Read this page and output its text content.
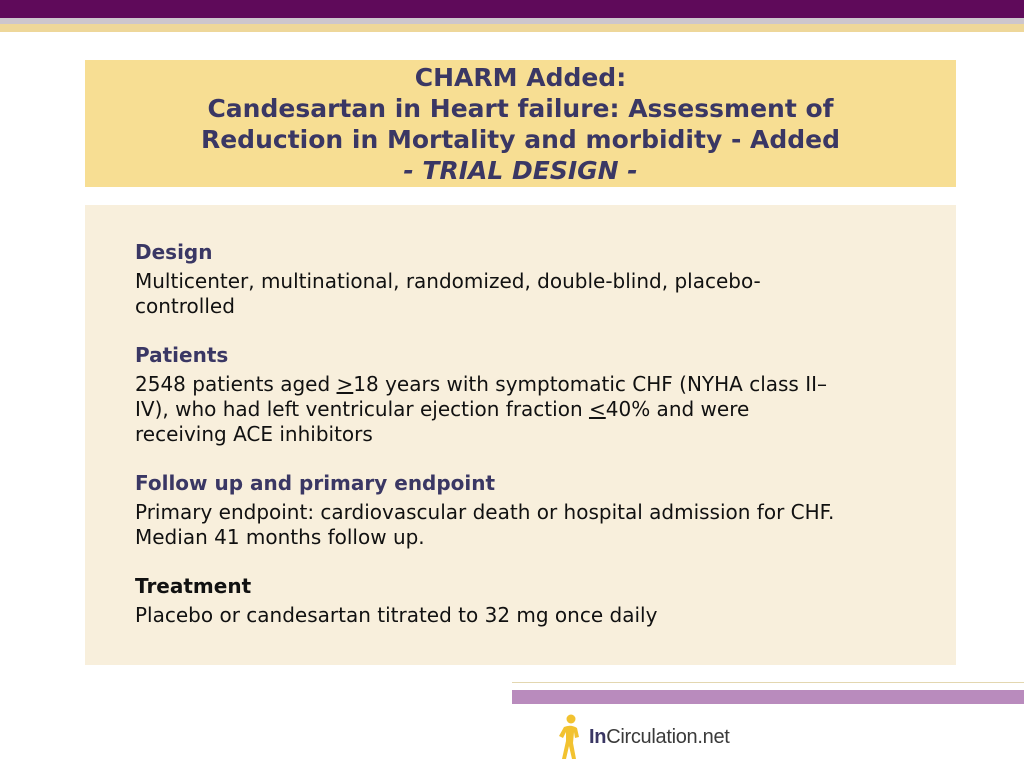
CHARM Added:
Candesartan in Heart failure: Assessment of
Reduction in Mortality and morbidity - Added
- TRIAL DESIGN -
Design
Multicenter, multinational, randomized, double-blind, placebo-
controlled
Patients
2548 patients aged ≥18 years with symptomatic CHF (NYHA class II–
IV), who had left ventricular ejection fraction ≤40% and were
receiving ACE inhibitors
Follow up and primary endpoint
Primary endpoint: cardiovascular death or hospital admission for CHF.
Median 41 months follow up.
Treatment
Placebo or candesartan titrated to 32 mg once daily
InCirculation.net
